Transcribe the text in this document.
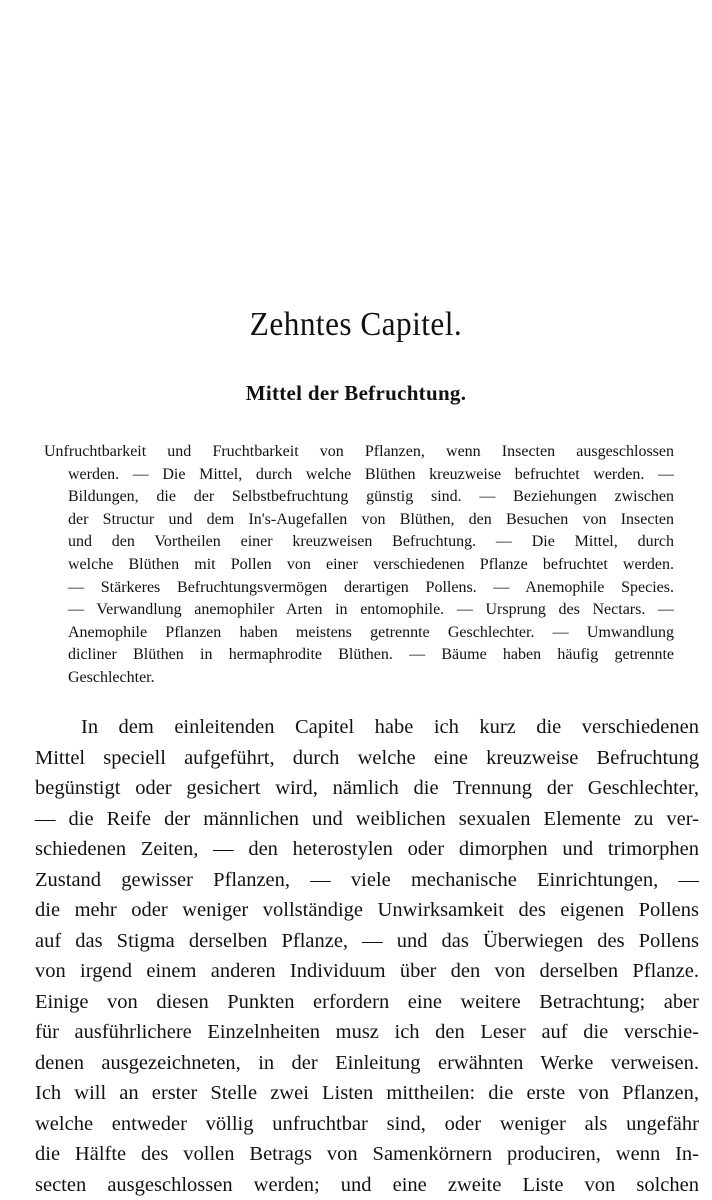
Zehntes Capitel.
Mittel der Befruchtung.
Unfruchtbarkeit und Fruchtbarkeit von Pflanzen, wenn Insecten ausgeschlossen
werden. — Die Mittel, durch welche Blüthen kreuzweise befruchtet werden. —
Bildungen, die der Selbstbefruchtung günstig sind. — Beziehungen zwischen
der Structur und dem In's-Augefallen von Blüthen, den Besuchen von Insecten
und den Vortheilen einer kreuzweisen Befruchtung. — Die Mittel, durch
welche Blüthen mit Pollen von einer verschiedenen Pflanze befruchtet werden.
— Stärkeres Befruchtungsvermögen derartigen Pollens. — Anemophile Species.
— Verwandlung anemophiler Arten in entomophile. — Ursprung des Nectars. —
Anemophile Pflanzen haben meistens getrennte Geschlechter. — Umwandlung
dicliner Blüthen in hermaphrodite Blüthen. — Bäume haben häufig getrennte
Geschlechter.
In dem einleitenden Capitel habe ich kurz die verschiedenen
Mittel speciell aufgeführt, durch welche eine kreuzweise Befruchtung
begünstigt oder gesichert wird, nämlich die Trennung der Geschlechter,
— die Reife der männlichen und weiblichen sexualen Elemente zu ver-
schiedenen Zeiten, — den heterostylen oder dimorphen und trimorphen
Zustand gewisser Pflanzen, — viele mechanische Einrichtungen, —
die mehr oder weniger vollständige Unwirksamkeit des eigenen Pollens
auf das Stigma derselben Pflanze, — und das Überwiegen des Pollens
von irgend einem anderen Individuum über den von derselben Pflanze.
Einige von diesen Punkten erfordern eine weitere Betrachtung; aber
für ausführlichere Einzelnheiten musz ich den Leser auf die verschie-
denen ausgezeichneten, in der Einleitung erwähnten Werke verweisen.
Ich will an erster Stelle zwei Listen mittheilen: die erste von Pflanzen,
welche entweder völlig unfruchtbar sind, oder weniger als ungefähr
die Hälfte des vollen Betrags von Samenkörnern produciren, wenn In-
secten ausgeschlossen werden; und eine zweite Liste von solchen
